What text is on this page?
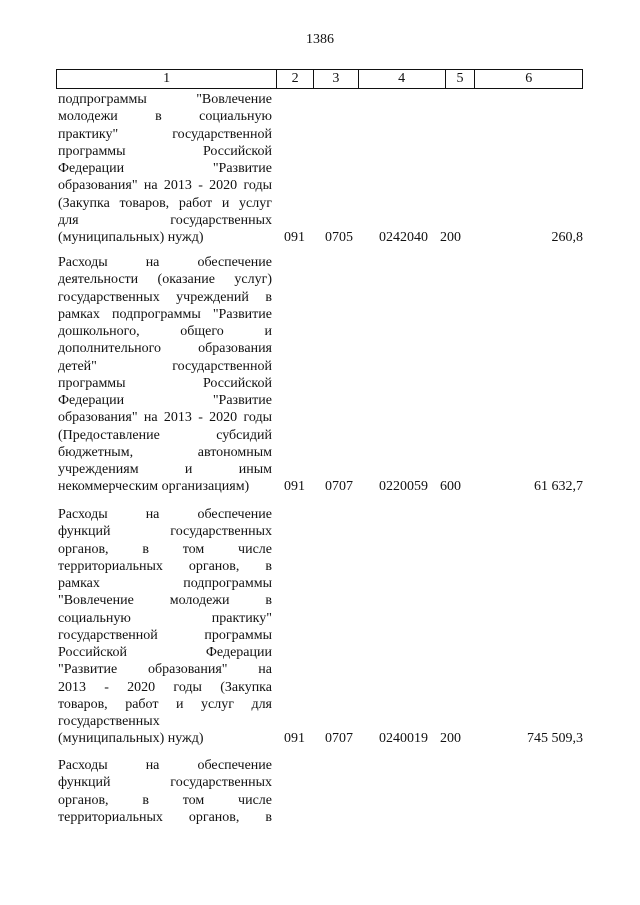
1386
1	2	3	4	5	6
подпрограммы "Вовлечение
молодежи в социальную
практику" государственной
программы Российской
Федерации "Развитие
образования" на 2013 - 2020 годы
(Закупка товаров, работ и услуг
для государственных
(муниципальных) нужд)	091 0705 0242040 200	260,8
Расходы на обеспечение
деятельности (оказание услуг)
государственных учреждений в
рамках подпрограммы "Развитие
дошкольного, общего и
дополнительного образования
детей" государственной
программы Российской
Федерации "Развитие
образования" на 2013 - 2020 годы
(Предоставление субсидий
бюджетным, автономным
учреждениям и иным
некоммерческим организациям)	091 0707 0220059 600	61 632,7
Расходы на обеспечение
функций государственных
органов, в том числе
территориальных органов, в
рамках подпрограммы
"Вовлечение молодежи в
социальную практику"
государственной программы
Российской Федерации
"Развитие образования" на
2013 - 2020 годы (Закупка
товаров, работ и услуг для
государственных
(муниципальных) нужд)	091 0707 0240019 200	745 509,3
Расходы на обеспечение
функций государственных
органов, в том числе
территориальных органов, в
